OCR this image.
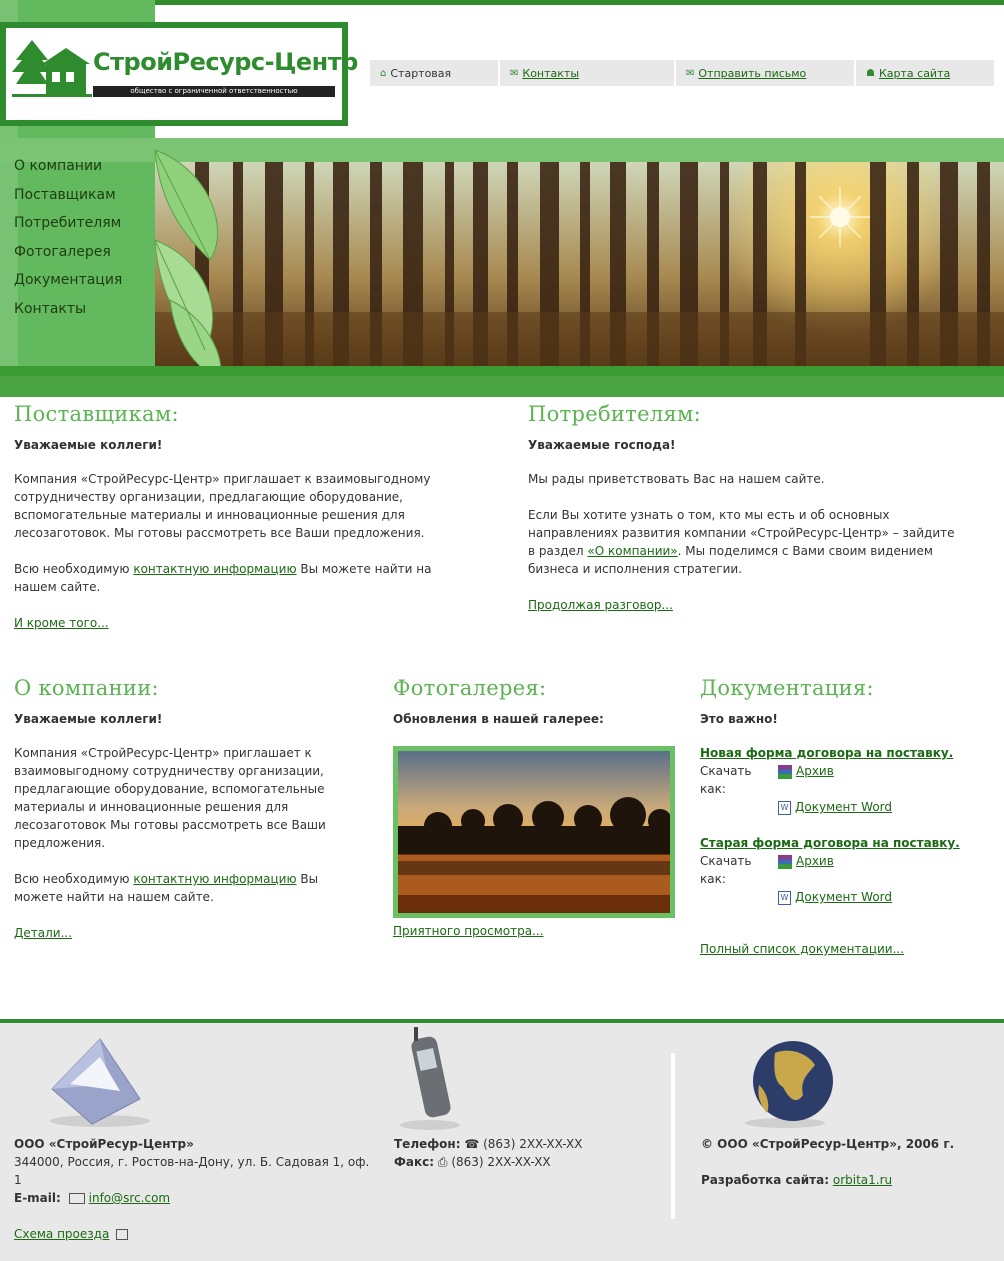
СтройРесурс-Центр
общество с ограниченной ответственностью
⌂ Стартовая	✉ Контакты	✉ Отправить письмо	☗ Карта сайта
О компании
Поставщикам
Потребителям
Фотогалерея
Документация
Контакты
Поставщикам:
Уважаемые коллеги!
Компания «СтройРесурс-Центр» приглашает к взаимовыгодному сотрудничеству организации, предлагающие оборудование, вспомогательные материалы и инновационные решения для лесозаготовок. Мы готовы рассмотреть все Ваши предложения.
Всю необходимую контактную информацию Вы можете найти на нашем сайте.
И кроме того...
Потребителям:
Уважаемые господа!
Мы рады приветствовать Вас на нашем сайте.
Если Вы хотите узнать о том, кто мы есть и об основных направлениях развития компании «СтройРесурс-Центр» – зайдите в раздел «О компании». Мы поделимся с Вами своим видением бизнеса и исполнения стратегии.
Продолжая разговор...
О компании:
Уважаемые коллеги!
Компания «СтройРесурс-Центр» приглашает к взаимовыгодному сотрудничеству организации, предлагающие оборудование, вспомогательные материалы и инновационные решения для лесозаготовок Мы готовы рассмотреть все Ваши предложения.
Всю необходимую контактную информацию Вы можете найти на нашем сайте.
Детали...
Фотогалерея:
Обновления в нашей галерее:
Приятного просмотра...
Документация:
Это важно!
Новая форма договора на поставку.
Скачать как:
Архив
W Документ Word
Старая форма договора на поставку.
Скачать как:
Архив
W Документ Word
Полный список документации...
ООО «СтройРесур-Центр»
344000, Россия, г. Ростов-на-Дону, ул. Б. Садовая 1, оф. 1
E-mail: info@src.com
Схема проезда
Телефон: ☎ (863) 2XX-XX-XX
Факс: ⎙ (863) 2XX-XX-XX
© ООО «СтройРесур-Центр», 2006 г.
Разработка сайта: orbita1.ru
